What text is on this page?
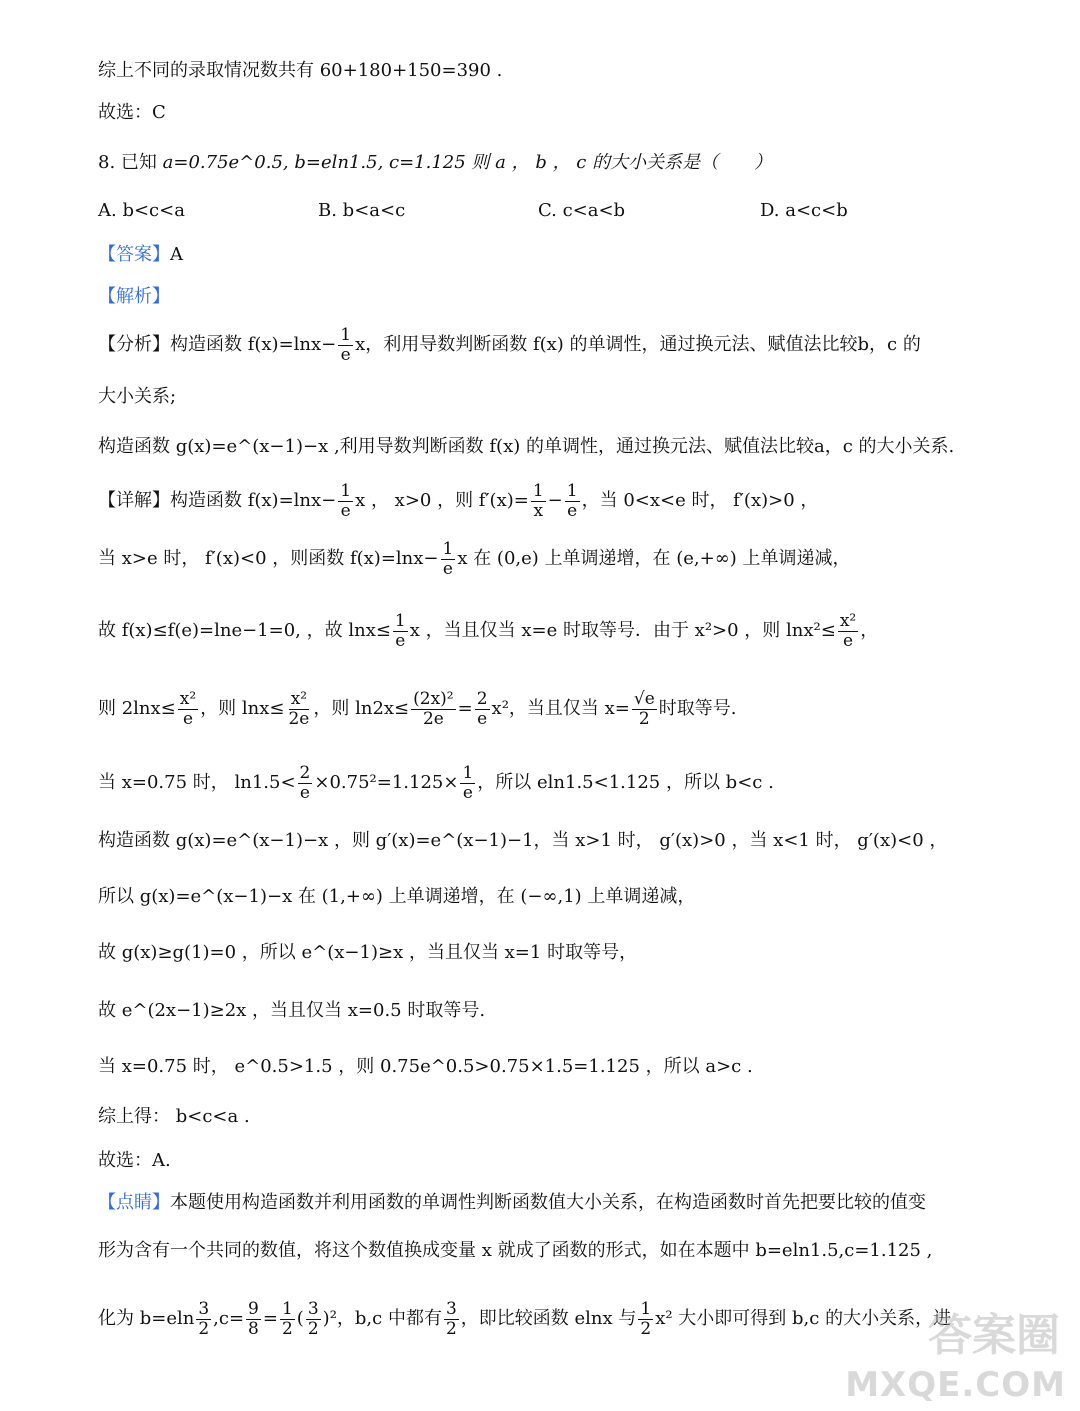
综上不同的录取情况数共有 60+180+150=390 .
故选：C
8. 已知 a=0.75e^0.5, b=eln1.5, c=1.125 则 a ， b ， c 的大小关系是（　　）
A. b<c<a	B. b<a<c	C. c<a<b	D. a<c<b
【答案】A
【解析】
【分析】构造函数 $f(x)=\ln x- \frac{1}{e}$ x，利用导数判断函数 f(x) 的单调性，通过换元法、赋值法比较b，c 的
大小关系;
构造函数 g(x)=e^(x−1)−x ,利用导数判断函数 f(x) 的单调性，通过换元法、赋值法比较a，c 的大小关系.
【详解】构造函数 $f(x)=\ln x- \frac{1}{e}$ x ， x>0 ，则 $f'(x)= \frac{1}{x} - \frac{1}{e}$ ，当 0<x<e 时， f′(x)>0 ，
当 x>e 时， f′(x)<0 ，则函数 $f(x)=\ln x- \frac{1}{e}$ x 在 (0,e) 上单调递增，在 (e,+∞) 上单调递减，
故 f(x)≤f(e)=lne−1=0, ，故 $\ln x\le \frac{1}{e}$ x ，当且仅当 x=e 时取等号．由于 x²>0 ，则 $\ln x^2\le \frac{\text{x²}}{e}$ ，
则 $2\ln x\le \frac{\text{x²}}{e}$ ，则 $\ln x\le \frac{\text{x²}}{2e}$ ，则 $\ln 2x\le \frac{\text{(2x)²}}{2e} = \frac{2}{e} x^2$，当且仅当 $x= \frac{√e}{2}$ 时取等号.
当 x=0.75 时， $\ln 1.5< \frac{2}{e} \times 0.75^2=1.125\times \frac{1}{e}$ ，所以 eln1.5<1.125 ，所以 b<c .
构造函数 g(x)=e^(x−1)−x ，则 g′(x)=e^(x−1)−1，当 x>1 时， g′(x)>0 ，当 x<1 时， g′(x)<0 ，
所以 g(x)=e^(x−1)−x 在 (1,+∞) 上单调递增，在 (−∞,1) 上单调递减，
故 g(x)≥g(1)=0 ，所以 e^(x−1)≥x ，当且仅当 x=1 时取等号，
故 e^(2x−1)≥2x ，当且仅当 x=0.5 时取等号.
当 x=0.75 时， e^0.5>1.5 ，则 0.75e^0.5>0.75×1.5=1.125 ，所以 a>c .
综上得： b<c<a .
故选：A.
【点睛】本题使用构造函数并利用函数的单调性判断函数值大小关系，在构造函数时首先把要比较的值变
形为含有一个共同的数值，将这个数值换成变量 x 就成了函数的形式，如在本题中 b=eln1.5,c=1.125 ,
化为 $b=eln \frac{3}{2} ,c= \frac{9}{8} = \frac{1}{2}$ ( $\frac{3}{2} )^2$，b,c 中都有 $\frac{3}{2}$ ，即比较函数 elnx 与 $\frac{1}{2} x^2$ 大小即可得到 b,c 的大小关系，进
答案圈
MXQE.COM
